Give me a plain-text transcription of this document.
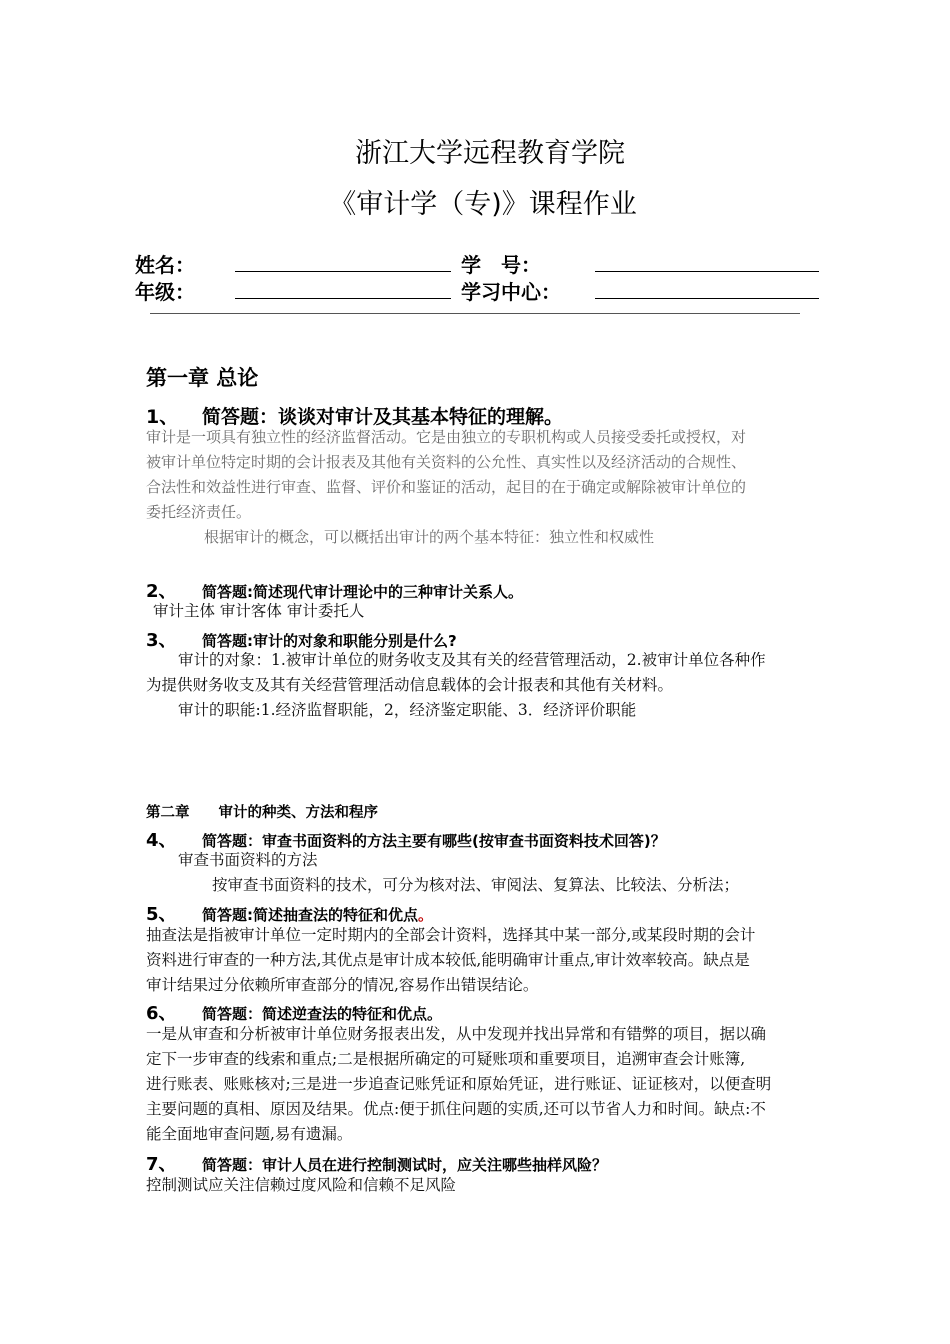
浙江大学远程教育学院
《审计学（专)》课程作业
姓名：	学　号：
年级：	学习中心：
第一章 总论
1、 简答题：谈谈对审计及其基本特征的理解。

审计是一项具有独立性的经济监督活动。它是由独立的专职机构或人员接受委托或授权，对

被审计单位特定时期的会计报表及其他有关资料的公允性、真实性以及经济活动的合规性、

合法性和效益性进行审查、监督、评价和鉴证的活动，起目的在于确定或解除被审计单位的

委托经济责任。

根据审计的概念，可以概括出审计的两个基本特征：独立性和权威性

2、 简答题:简述现代审计理论中的三种审计关系人。
审计主体 审计客体 审计委托人
3、 简答题:审计的对象和职能分别是什么?

审计的对象：1.被审计单位的财务收支及其有关的经营管理活动，2.被审计单位各种作

为提供财务收支及其有关经营管理活动信息载体的会计报表和其他有关材料。

审计的职能:1.经济监督职能，2，经济鉴定职能、3．经济评价职能

第二章　　审计的种类、方法和程序
4、 简答题：审查书面资料的方法主要有哪些(按审查书面资料技术回答)？
审查书面资料的方法
按审查书面资料的技术，可分为核对法、审阅法、复算法、比较法、分析法；
5、 简答题:简述抽查法的特征和优点。

抽查法是指被审计单位一定时期内的全部会计资料，选择其中某一部分,或某段时期的会计

资料进行审查的一种方法,其优点是审计成本较低,能明确审计重点,审计效率较高。缺点是

审计结果过分依赖所审查部分的情况,容易作出错误结论。

6、 简答题：简述逆查法的特征和优点。

一是从审查和分析被审计单位财务报表出发，从中发现并找出异常和有错弊的项目，据以确

定下一步审查的线索和重点;二是根据所确定的可疑账项和重要项目，追溯审查会计账簿,

进行账表、账账核对;三是进一步追查记账凭证和原始凭证，进行账证、证证核对，以便查明

主要问题的真相、原因及结果。优点:便于抓住问题的实质,还可以节省人力和时间。缺点:不

能全面地审查问题,易有遗漏。

7、 简答题：审计人员在进行控制测试时，应关注哪些抽样风险？
控制测试应关注信赖过度风险和信赖不足风险
